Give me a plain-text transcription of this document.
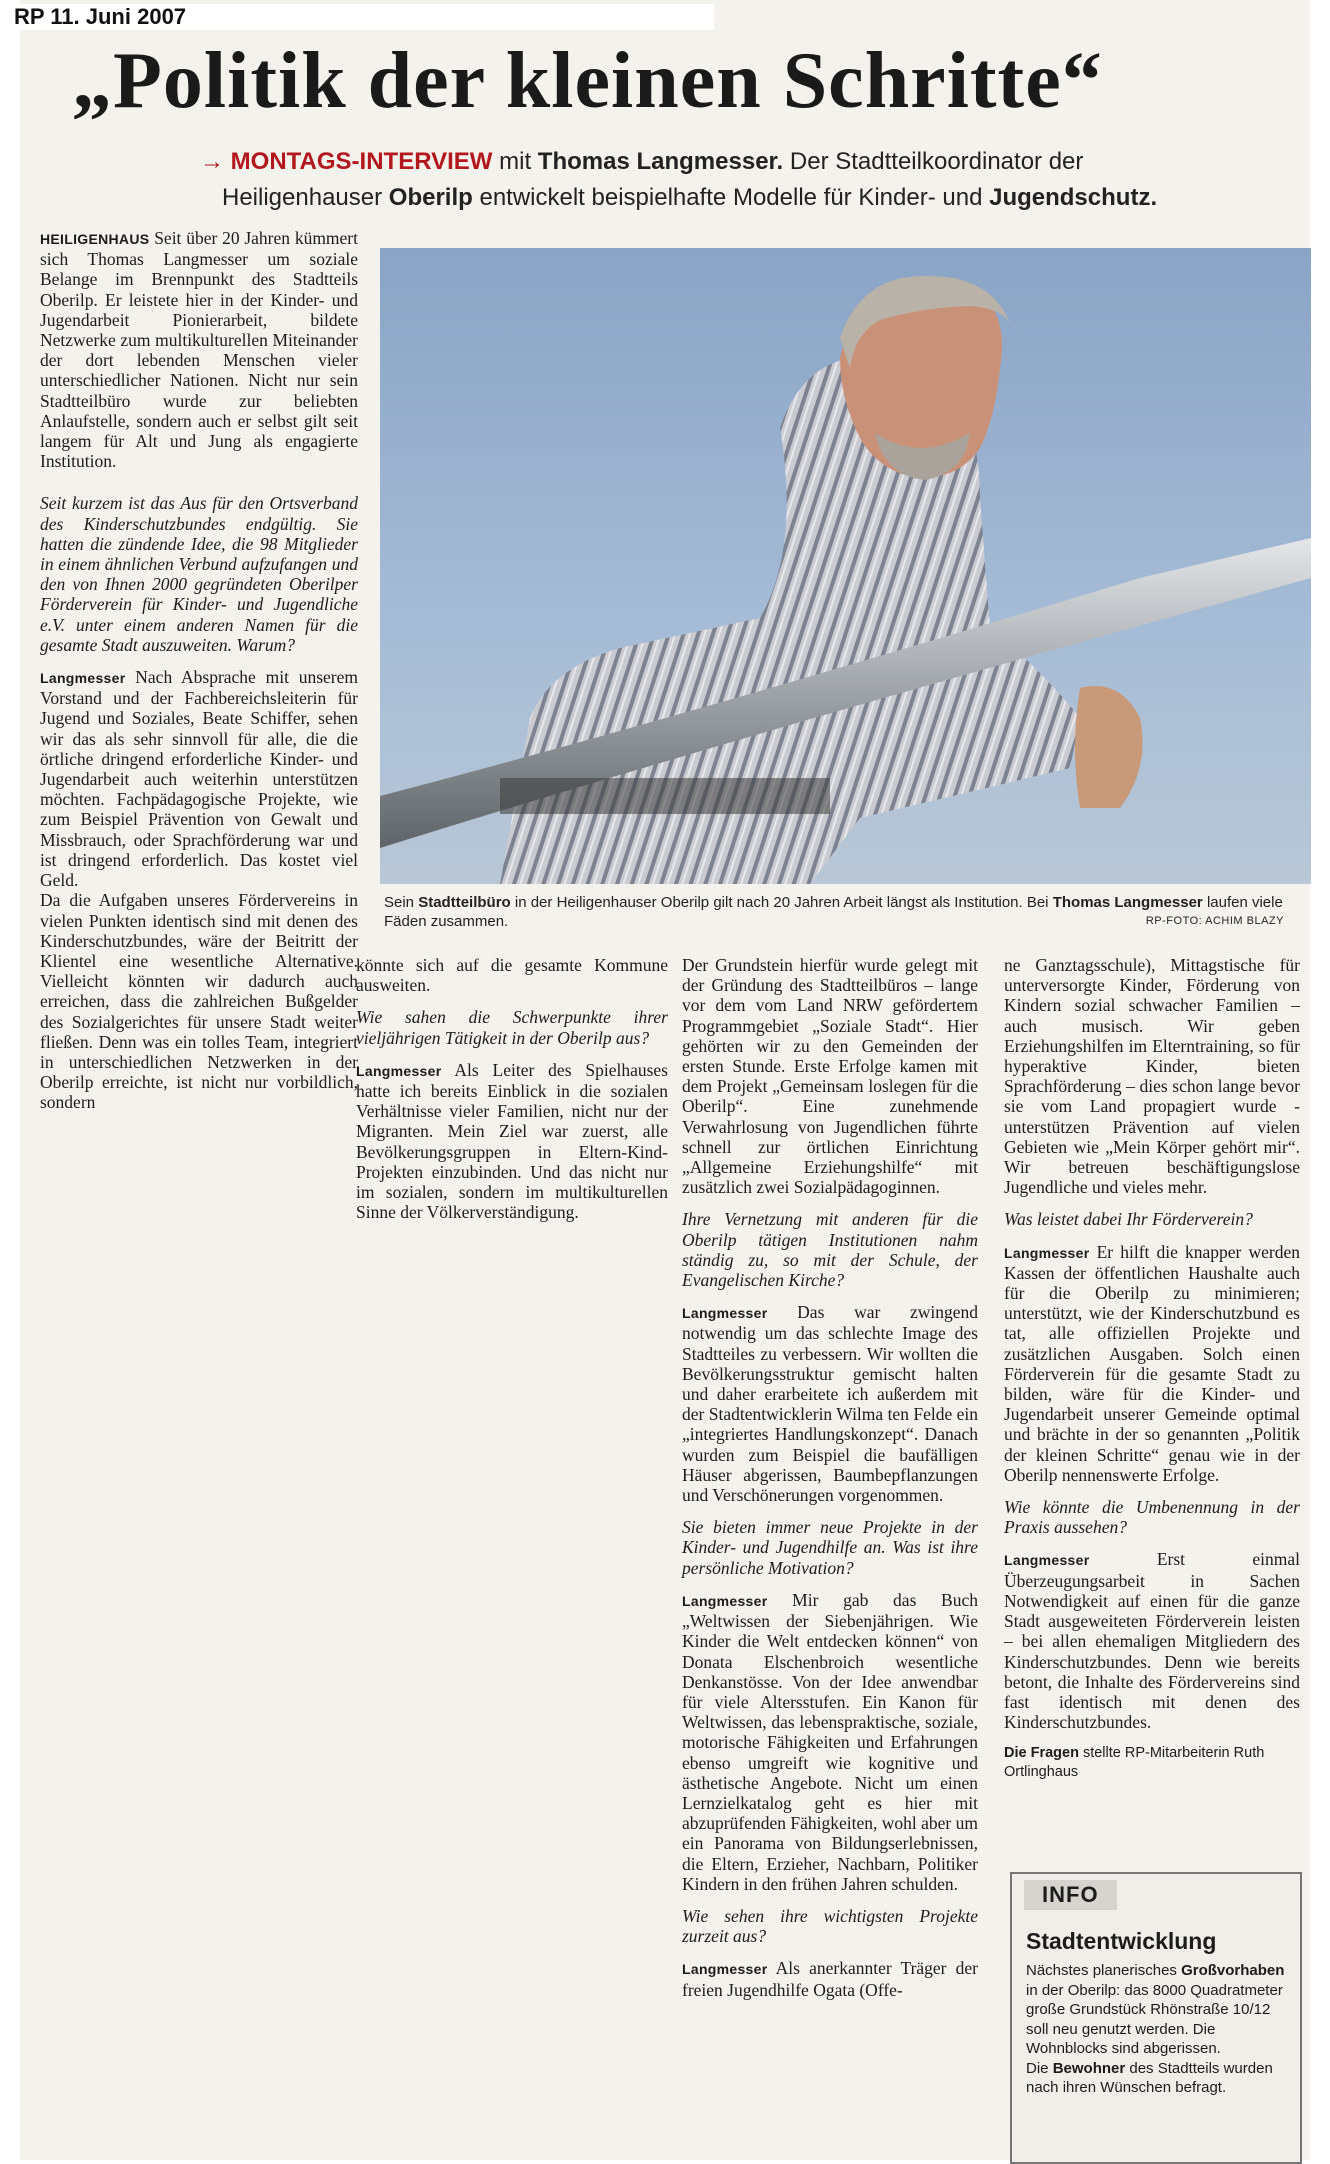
RP 11. Juni 2007
„Politik der kleinen Schritte“
→ MONTAGS-INTERVIEW mit Thomas Langmesser. Der Stadtteilkoordinator der
Heiligenhauser Oberilp entwickelt beispielhafte Modelle für Kinder- und Jugendschutz.

HEILIGENHAUS Seit über 20 Jahren kümmert sich Thomas Langmesser um soziale Belange im Brennpunkt des Stadtteils Oberilp. Er leistete hier in der Kinder- und Jugendarbeit Pionierarbeit, bildete Netzwerke zum multikulturellen Miteinander der dort lebenden Menschen vieler unterschiedlicher Nationen. Nicht nur sein Stadtteilbüro wurde zur beliebten Anlaufstelle, sondern auch er selbst gilt seit langem für Alt und Jung als engagierte Institution.

Seit kurzem ist das Aus für den Ortsverband des Kinderschutzbundes endgültig. Sie hatten die zündende Idee, die 98 Mitglieder in einem ähnlichen Verbund aufzufangen und den von Ihnen 2000 gegründeten Oberilper Förderverein für Kinder- und Jugendliche e.V. unter einem anderen Namen für die gesamte Stadt auszuweiten. Warum?

Langmesser Nach Absprache mit unserem Vorstand und der Fachbereichsleiterin für Jugend und Soziales, Beate Schiffer, sehen wir das als sehr sinnvoll für alle, die die örtliche dringend erforderliche Kinder- und Jugendarbeit auch weiterhin unterstützen möchten. Fachpädagogische Projekte, wie zum Beispiel Prävention von Gewalt und Missbrauch, oder Sprachförderung war und ist dringend erforderlich. Das kostet viel Geld.

Da die Aufgaben unseres Fördervereins in vielen Punkten identisch sind mit denen des Kinderschutzbundes, wäre der Beitritt der Klientel eine wesentliche Alternative. Vielleicht könnten wir dadurch auch erreichen, dass die zahlreichen Bußgelder des Sozialgerichtes für unsere Stadt weiter fließen. Denn was ein tolles Team, integriert in unterschiedlichen Netzwerken in der Oberilp erreichte, ist nicht nur vorbildlich, sondern

Sein Stadtteilbüro in der Heiligenhauser Oberilp gilt nach 20 Jahren Arbeit längst als Institution. Bei Thomas Langmesser laufen viele Fäden zusammen.	RP-FOTO: ACHIM BLAZY

könnte sich auf die gesamte Kommune ausweiten.

Wie sahen die Schwerpunkte ihrer vieljährigen Tätigkeit in der Oberilp aus?

Langmesser Als Leiter des Spielhauses hatte ich bereits Einblick in die sozialen Verhältnisse vieler Familien, nicht nur der Migranten. Mein Ziel war zuerst, alle Bevölkerungsgruppen in Eltern-Kind-Projekten einzubinden. Und das nicht nur im sozialen, sondern im multikulturellen Sinne der Völkerverständigung.

Der Grundstein hierfür wurde gelegt mit der Gründung des Stadtteilbüros – lange vor dem vom Land NRW gefördertem Programmgebiet „Soziale Stadt“. Hier gehörten wir zu den Gemeinden der ersten Stunde. Erste Erfolge kamen mit dem Projekt „Gemeinsam loslegen für die Oberilp“. Eine zunehmende Verwahrlosung von Jugendlichen führte schnell zur örtlichen Einrichtung „Allgemeine Erziehungshilfe“ mit zusätzlich zwei Sozialpädagoginnen.

Ihre Vernetzung mit anderen für die Oberilp tätigen Institutionen nahm ständig zu, so mit der Schule, der Evangelischen Kirche?

Langmesser Das war zwingend notwendig um das schlechte Image des Stadtteiles zu verbessern. Wir wollten die Bevölkerungsstruktur gemischt halten und daher erarbeitete ich außerdem mit der Stadtentwicklerin Wilma ten Felde ein „integriertes Handlungskonzept“. Danach wurden zum Beispiel die baufälligen Häuser abgerissen, Baumbepflanzungen und Verschönerungen vorgenommen.

Sie bieten immer neue Projekte in der Kinder- und Jugendhilfe an. Was ist ihre persönliche Motivation?

Langmesser Mir gab das Buch „Weltwissen der Siebenjährigen. Wie Kinder die Welt entdecken können“ von Donata Elschenbroich wesentliche Denkanstösse. Von der Idee anwendbar für viele Altersstufen. Ein Kanon für Weltwissen, das lebenspraktische, soziale, motorische Fähigkeiten und Erfahrungen ebenso umgreift wie kognitive und ästhetische Angebote. Nicht um einen Lernzielkatalog geht es hier mit abzuprüfenden Fähigkeiten, wohl aber um ein Panorama von Bildungserlebnissen, die Eltern, Erzieher, Nachbarn, Politiker Kindern in den frühen Jahren schulden.

Wie sehen ihre wichtigsten Projekte zurzeit aus?

Langmesser Als anerkannter Träger der freien Jugendhilfe Ogata (Offe-

ne Ganztagsschule), Mittagstische für unterversorgte Kinder, Förderung von Kindern sozial schwacher Familien – auch musisch. Wir geben Erziehungshilfen im Elterntraining, so für hyperaktive Kinder, bieten Sprachförderung – dies schon lange bevor sie vom Land propagiert wurde - unterstützen Prävention auf vielen Gebieten wie „Mein Körper gehört mir“. Wir betreuen beschäftigungslose Jugendliche und vieles mehr.

Was leistet dabei Ihr Förderverein?

Langmesser Er hilft die knapper werden Kassen der öffentlichen Haushalte auch für die Oberilp zu minimieren; unterstützt, wie der Kinderschutzbund es tat, alle offiziellen Projekte und zusätzlichen Ausgaben. Solch einen Förderverein für die gesamte Stadt zu bilden, wäre für die Kinder- und Jugendarbeit unserer Gemeinde optimal und brächte in der so genannten „Politik der kleinen Schritte“ genau wie in der Oberilp nennenswerte Erfolge.

Wie könnte die Umbenennung in der Praxis aussehen?

Langmesser	Erst einmal Überzeugungsarbeit in Sachen Notwendigkeit auf einen für die ganze Stadt ausgeweiteten Förderverein leisten – bei allen ehemaligen Mitgliedern des Kinderschutzbundes. Denn wie bereits betont, die Inhalte des Fördervereins sind fast identisch mit denen des Kinderschutzbundes.

Die Fragen stellte RP-Mitarbeiterin Ruth Ortlinghaus
INFO
Stadtentwicklung

Nächstes planerisches Großvorhaben in der Oberilp: das 8000 Quadratmeter große Grundstück Rhönstraße 10/12 soll neu genutzt werden. Die Wohnblocks sind abgerissen.

Die Bewohner des Stadtteils wurden nach ihren Wünschen befragt.
